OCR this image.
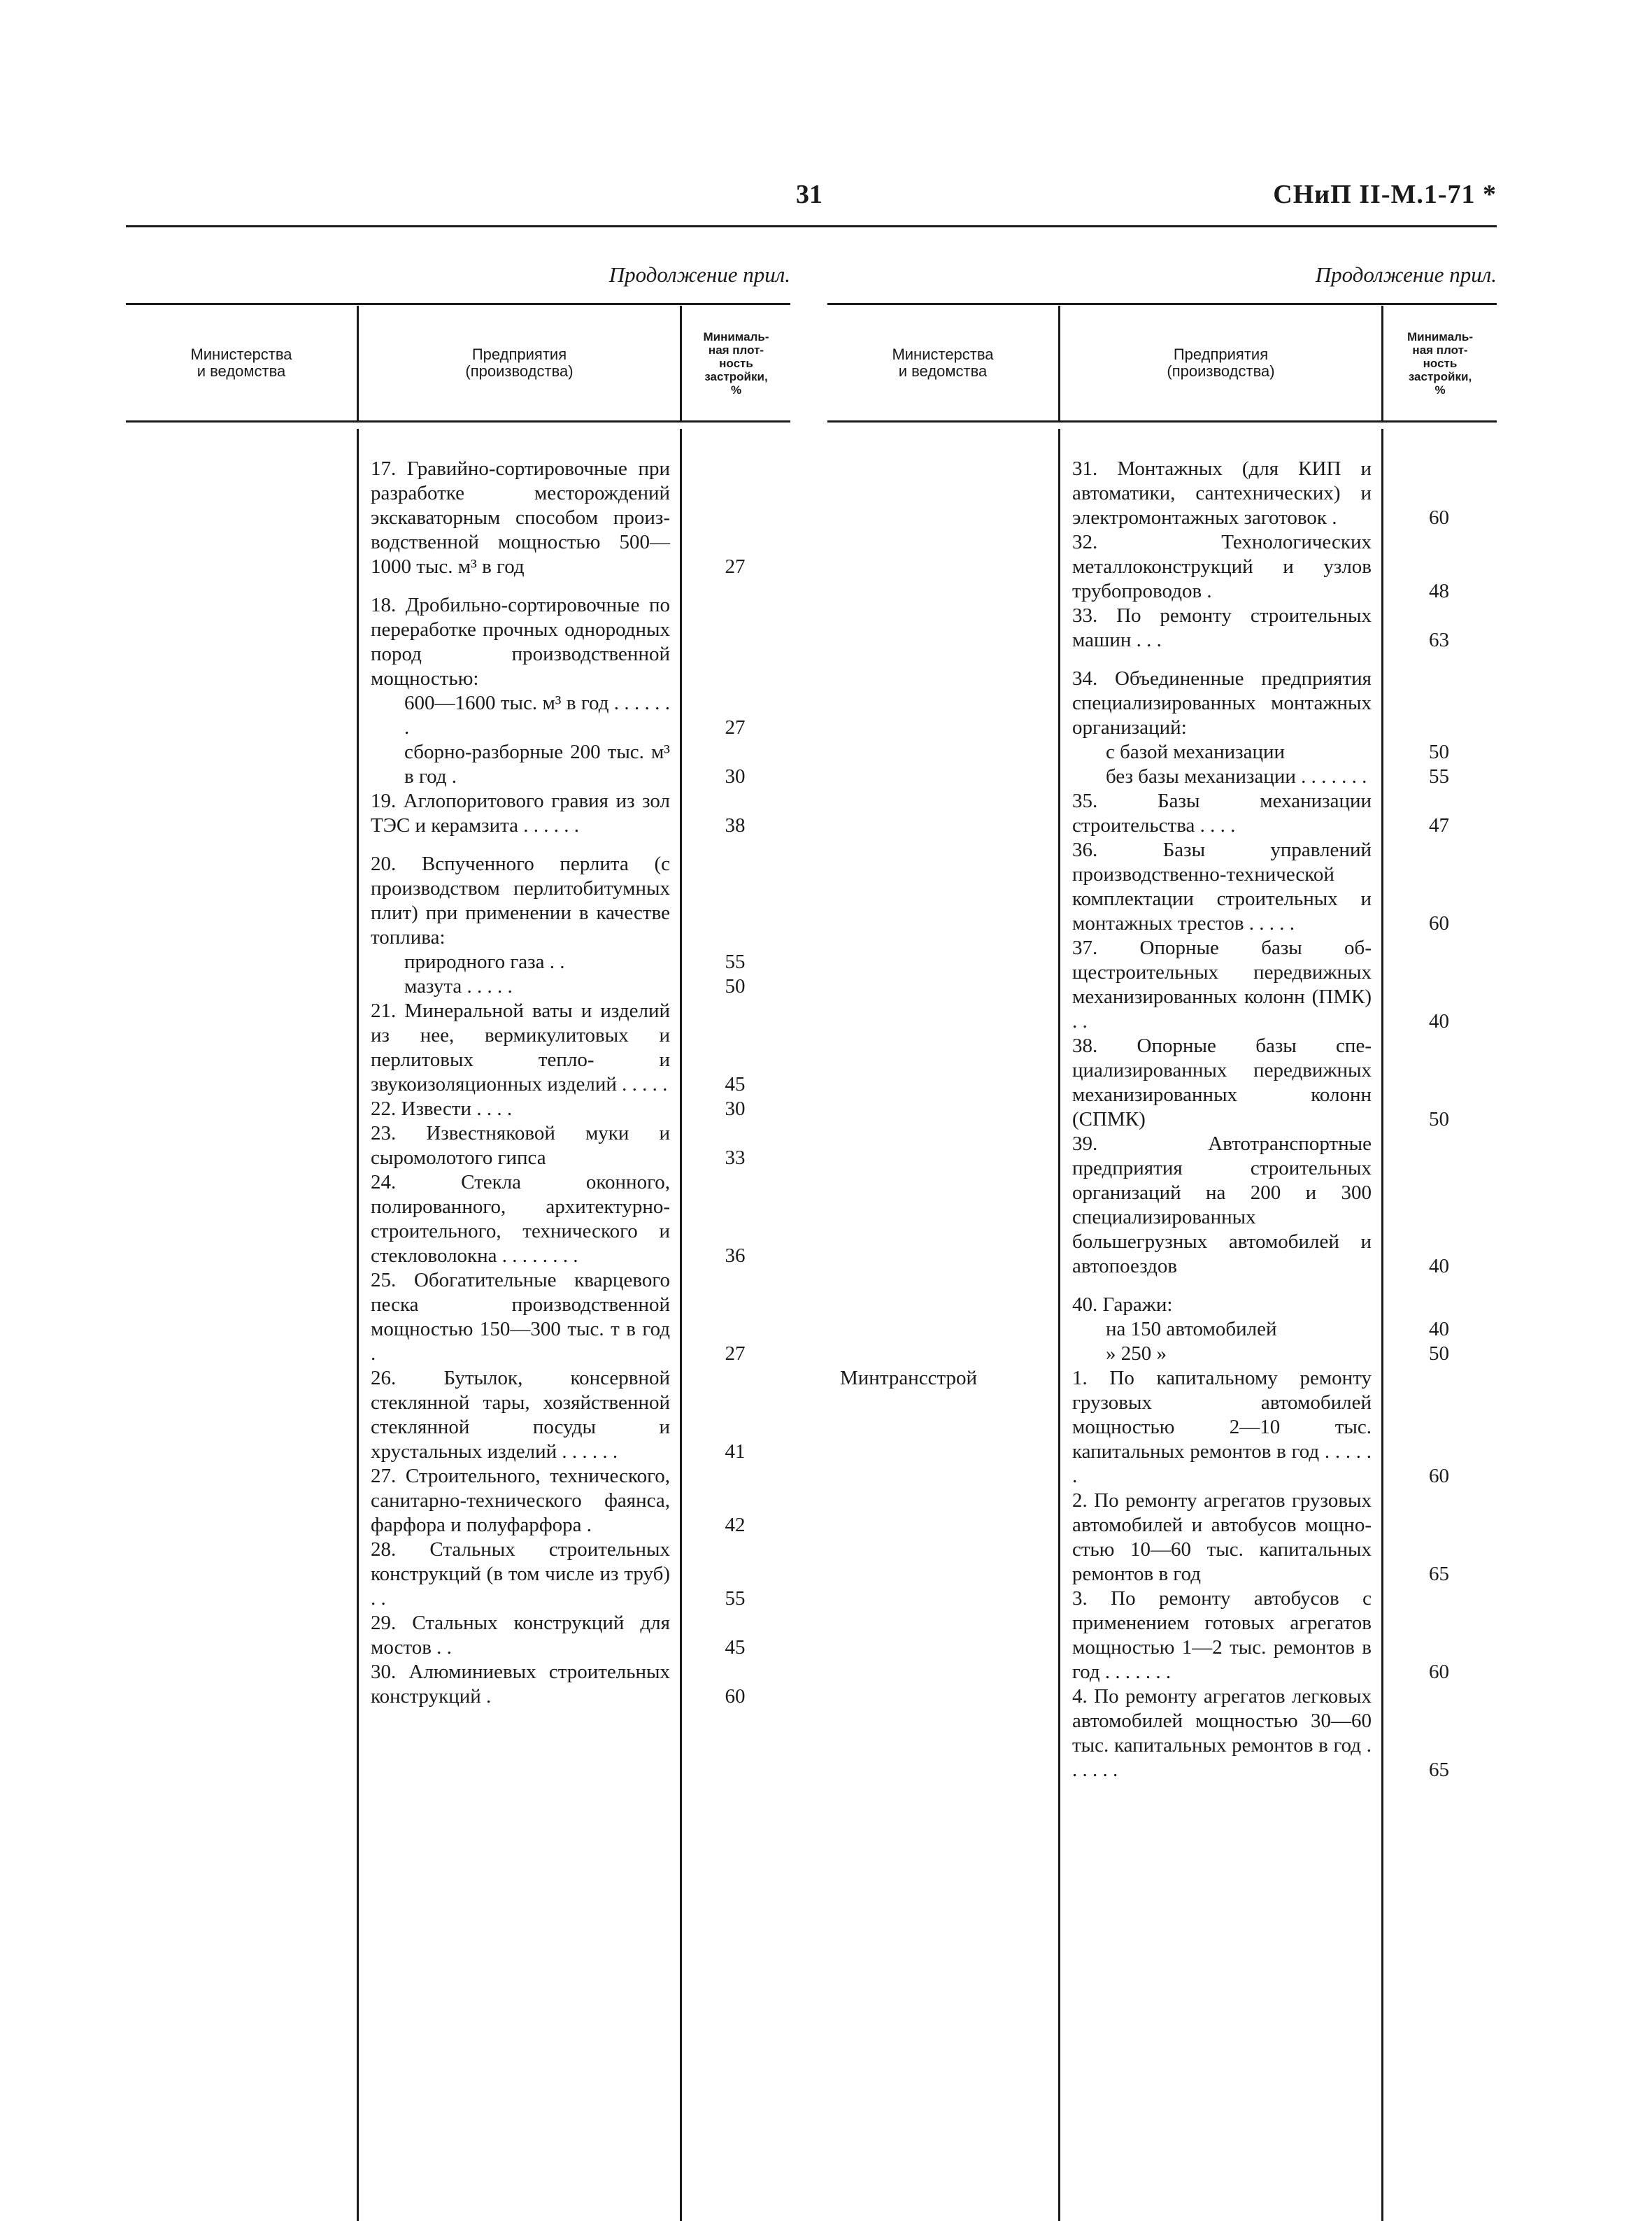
31	СНиП II-М.1-71 *
Продолжение прил.
Министерства
и ведомства
Предприятия
(производства)
Минималь-
ная плот-
ность
застройки,
%
17. Гравийно-сортировочные при разработке месторождений экскаваторным способом производственной мощностью 500—1000 тыс. м³ в год	27
18. Дробильно-сортировочные по переработке прочных однородных пород производственной мощностью:
600—1600 тыс. м³ в год . . . . . . .	27
сборно-разборные 200 тыс. м³ в год .	30
19. Аглопоритового гравия из зол ТЭС и керамзита . . . . . .	38
20. Вспученного перлита (с производством перлитобитумных плит) при применении в качестве топлива:
природного газа . .	55
мазута . . . . .	50
21. Минеральной ваты и изделий из нее, вермикулитовых и перлитовых тепло- и звукоизоляционных изделий . . . . .	45
22. Извести . . . .	30
23. Известняковой муки и сыромолотого гипса	33
24. Стекла оконного, полированного, архитектурно-строительного, технического и стекловолокна . . . . . . . .	36
25. Обогатительные кварцевого песка производственной мощностью 150—300 тыс. т в год .	27
26. Бутылок, консервной стеклянной тары, хозяйственной стеклянной посуды и хрустальных изделий . . . . . .	41
27. Строительного, технического, санитарно-технического фаянса, фарфора и полуфарфора .	42
28. Стальных строительных конструкций (в том числе из труб) . .	55
29. Стальных конструкций для мостов . .	45
30. Алюминиевых строительных конструкций .	60
Продолжение прил.
Министерства
и ведомства
Предприятия
(производства)
Минималь-
ная плот-
ность
застройки,
%
31. Монтажных (для КИП и автоматики, сантехнических) и электромонтажных заготовок .	60
32. Технологических металлоконструкций и узлов трубопроводов .	48
33. По ремонту строительных машин . . .	63
34. Объединенные предприятия специализированных монтажных организаций:
с базой механизации	50
без базы механизации . . . . . . .	55
35. Базы механизации строительства . . . .	47
36. Базы управлений производственно-технической комплектации строительных и монтажных трестов . . . . .	60
37. Опорные базы общестроительных передвижных механизированных колонн (ПМК) . .	40
38. Опорные базы специализированных передвижных механизированных колонн (СПМК)	50
39. Автотранспортные предприятия строительных организаций на 200 и 300 специализированных большегрузных автомобилей и автопоездов	40
40. Гаражи:
на 150 автомобилей	40
» 250 »	50
Минтрансстрой	1. По капитальному ремонту грузовых автомобилей мощностью 2—10 тыс. капитальных ремонтов в год . . . . . .	60
2. По ремонту агрегатов грузовых автомобилей и автобусов мощностью 10—60 тыс. капитальных ремонтов в год	65
3. По ремонту автобусов с применением готовых агрегатов мощностью 1—2 тыс. ремонтов в год . . . . . . .	60
4. По ремонту агрегатов легковых автомобилей мощностью 30—60 тыс. капитальных ремонтов в год . . . . . .	65
